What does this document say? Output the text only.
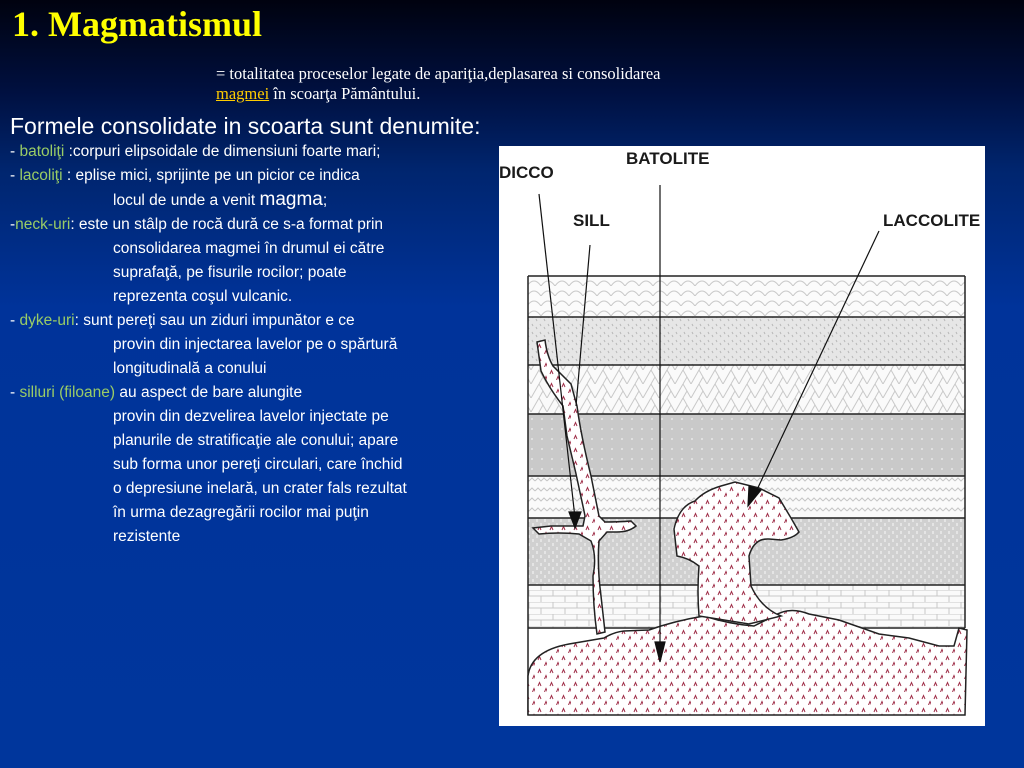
1. Magmatismul
= totalitatea proceselor legate de apariţia,deplasarea si consolidarea
magmei în scoarţa Pământului.

Formele consolidate in scoarta sunt denumite:

- batoliţi :corpuri elipsoidale de dimensiuni foarte mari;

- lacoliţi : eplise mici, sprijinte pe un picior ce indica
locul de unde a venit magma;

-neck-uri: este un stâlp de rocă dură ce s-a format prin
consolidarea magmei în drumul ei către
suprafaţă, pe fisurile rocilor; poate
reprezenta coşul vulcanic.

- dyke-uri: sunt pereţi sau un ziduri impunător e ce
provin din injectarea lavelor pe o spărtură
longitudinală a conului

- silluri (filoane) au aspect de bare alungite
provin din dezvelirea lavelor injectate pe
planurile de stratificaţie ale conului; apare
sub forma unor pereţi circulari, care închid
o depresiune inelară, un crater fals rezultat
în urma dezagregării rocilor mai puţin
rezistente

DICCO
BATOLITE
SILL	LACCOLITE
